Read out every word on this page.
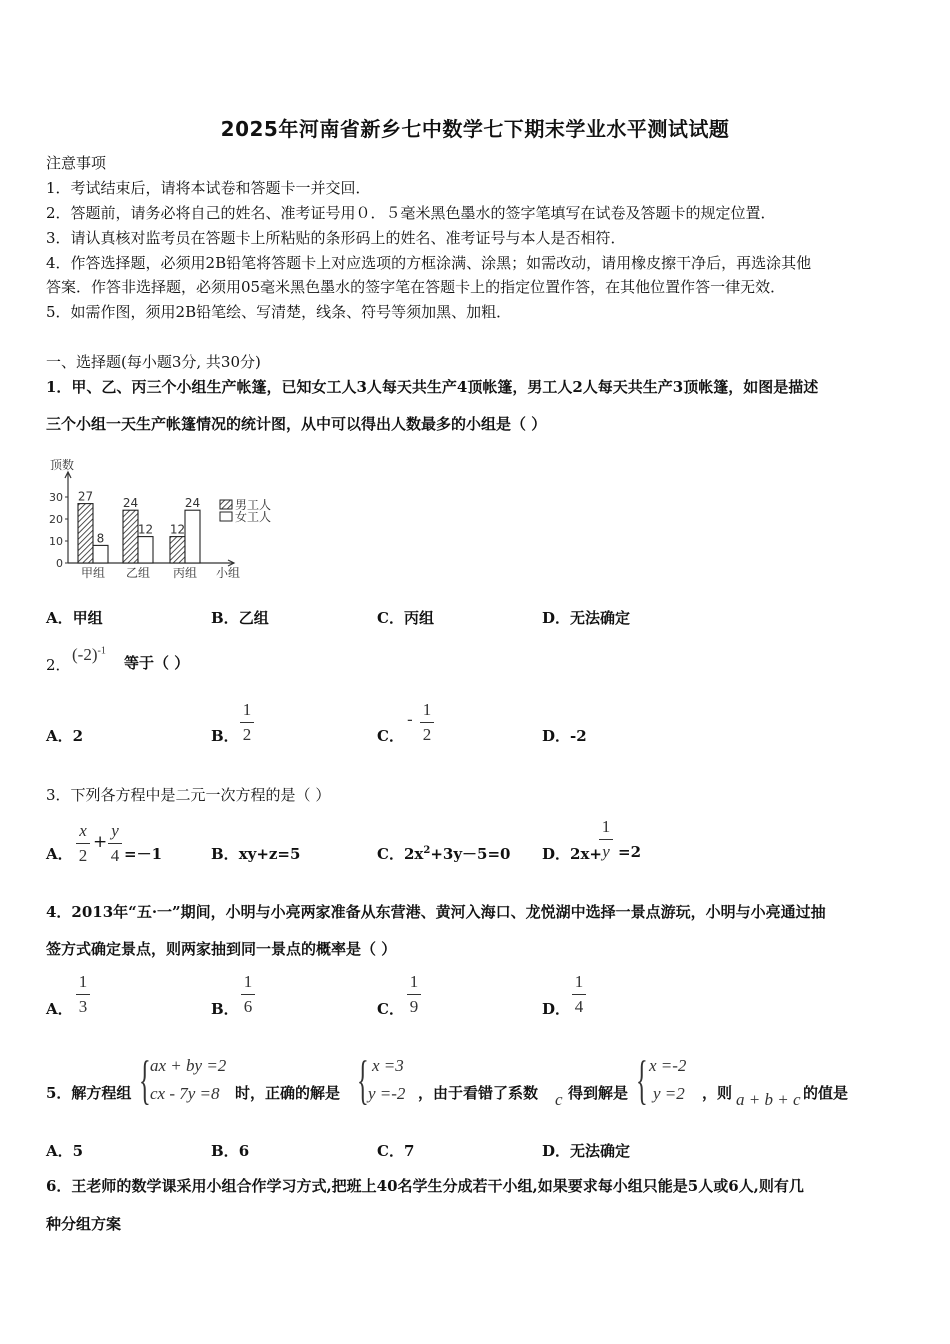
2025年河南省新乡七中数学七下期末学业水平测试试题
注意事项
1．考试结束后，请将本试卷和答题卡一并交回．
2．答题前，请务必将自己的姓名、准考证号用０．５毫米黑色墨水的签字笔填写在试卷及答题卡的规定位置．
3．请认真核对监考员在答题卡上所粘贴的条形码上的姓名、准考证号与本人是否相符．
4．作答选择题，必须用2B铅笔将答题卡上对应选项的方框涂满、涂黑；如需改动，请用橡皮擦干净后，再选涂其他
答案．作答非选择题，必须用05毫米黑色墨水的签字笔在答题卡上的指定位置作答，在其他位置作答一律无效．
5．如需作图，须用2B铅笔绘、写清楚，线条、符号等须加黑、加粗．
一、选择题(每小题3分, 共30分)
1．甲、乙、丙三个小组生产帐篷，已知女工人3人每天共生产4顶帐篷，男工人2人每天共生产3顶帐篷，如图是描述
三个小组一天生产帐篷情况的统计图，从中可以得出人数最多的小组是（ ）
顶数
小组
0
10
20
30 27
8
甲组
24
12
乙组
12
24
丙组
男工人
女工人
A．甲组	B．乙组	C．丙组	D．无法确定
2．
$(-2)^{-1}$
等于（ ）
A．2	B．
1
2	C．
-
1
2	D．-2
3．下列各方程中是二元一次方程的是（ ）
A．
x
2
+
y
4 =－1	B．xy+z=5	C．$2x^2+3y-5=0$ D．2x+
1
y =2
4．2013年“五·一”期间，小明与小亮两家准备从东营港、黄河入海口、龙悦湖中选择一景点游玩，小明与小亮通过抽
签方式确定景点，则两家抽到同一景点的概率是（ ）
A．
1
3	B．
1
6	C．
1
9	D．
1
4
5．解方程组 { ax + by =2
cx - 7y =8 时，正确的解是 { x =3
y =-2 ，由于看错了系数 c 得到解是 { x =-2
y =2 ，则 a + b + c 的值是
A．5	B．6	C．7	D．无法确定
6．王老师的数学课采用小组合作学习方式,把班上40名学生分成若干小组,如果要求每小组只能是5人或6人,则有几
种分组方案
